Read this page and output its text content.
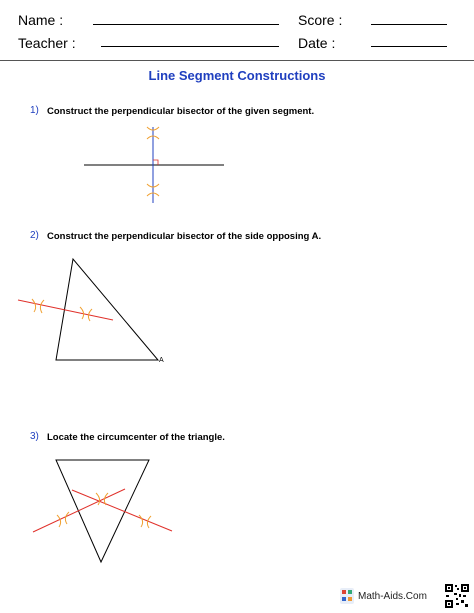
Name :	Score :
Teacher :	Date :
Line Segment Constructions
1) Construct the perpendicular bisector of the given segment.
2) Construct the perpendicular bisector of the side opposing A.
3) Locate the circumcenter of the triangle.
A
Math-Aids.Com
